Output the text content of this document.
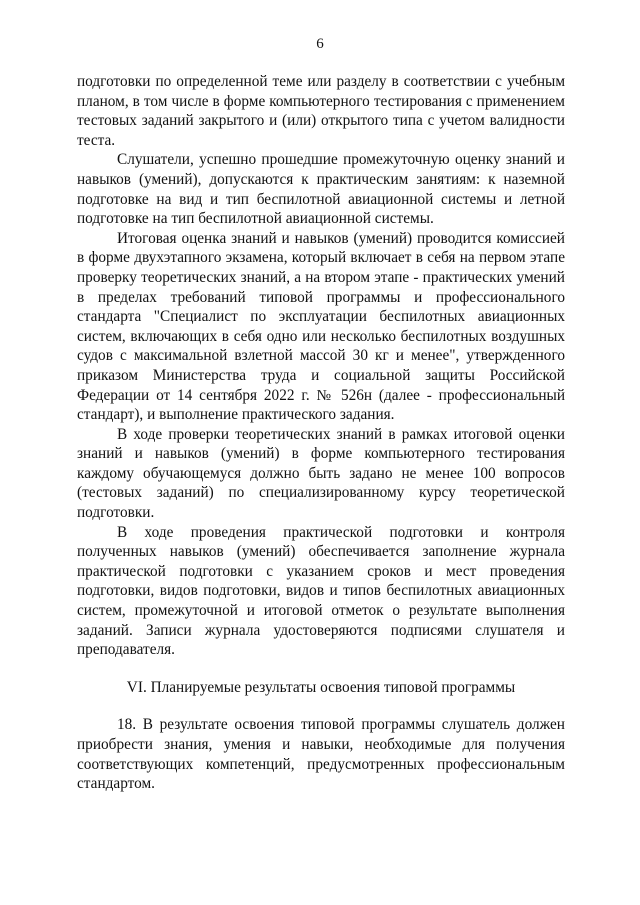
6

подготовки по определенной теме или разделу в соответствии с учебным планом, в том числе в форме компьютерного тестирования с применением тестовых заданий закрытого и (или) открытого типа с учетом валидности теста.

Слушатели, успешно прошедшие промежуточную оценку знаний и навыков (умений), допускаются к практическим занятиям: к наземной подготовке на вид и тип беспилотной авиационной системы и летной подготовке на тип беспилотной авиационной системы.

Итоговая оценка знаний и навыков (умений) проводится комиссией в форме двухэтапного экзамена, который включает в себя на первом этапе проверку теоретических знаний, а на втором этапе - практических умений в пределах требований типовой программы и профессионального стандарта "Специалист по эксплуатации беспилотных авиационных систем, включающих в себя одно или несколько беспилотных воздушных судов с максимальной взлетной массой 30 кг и менее", утвержденного приказом Министерства труда и социальной защиты Российской Федерации от 14 сентября 2022 г. № 526н (далее - профессиональный стандарт), и выполнение практического задания.

В ходе проверки теоретических знаний в рамках итоговой оценки знаний и навыков (умений) в форме компьютерного тестирования каждому обучающемуся должно быть задано не менее 100 вопросов (тестовых заданий) по специализированному курсу теоретической подготовки.

В ходе проведения практической подготовки и контроля полученных навыков (умений) обеспечивается заполнение журнала практической подготовки с указанием сроков и мест проведения подготовки, видов подготовки, видов и типов беспилотных авиационных систем, промежуточной и итоговой отметок о результате выполнения заданий. Записи журнала удостоверяются подписями слушателя и преподавателя.

VI. Планируемые результаты освоения типовой программы

18. В результате освоения типовой программы слушатель должен приобрести знания, умения и навыки, необходимые для получения соответствующих компетенций, предусмотренных профессиональным стандартом.
